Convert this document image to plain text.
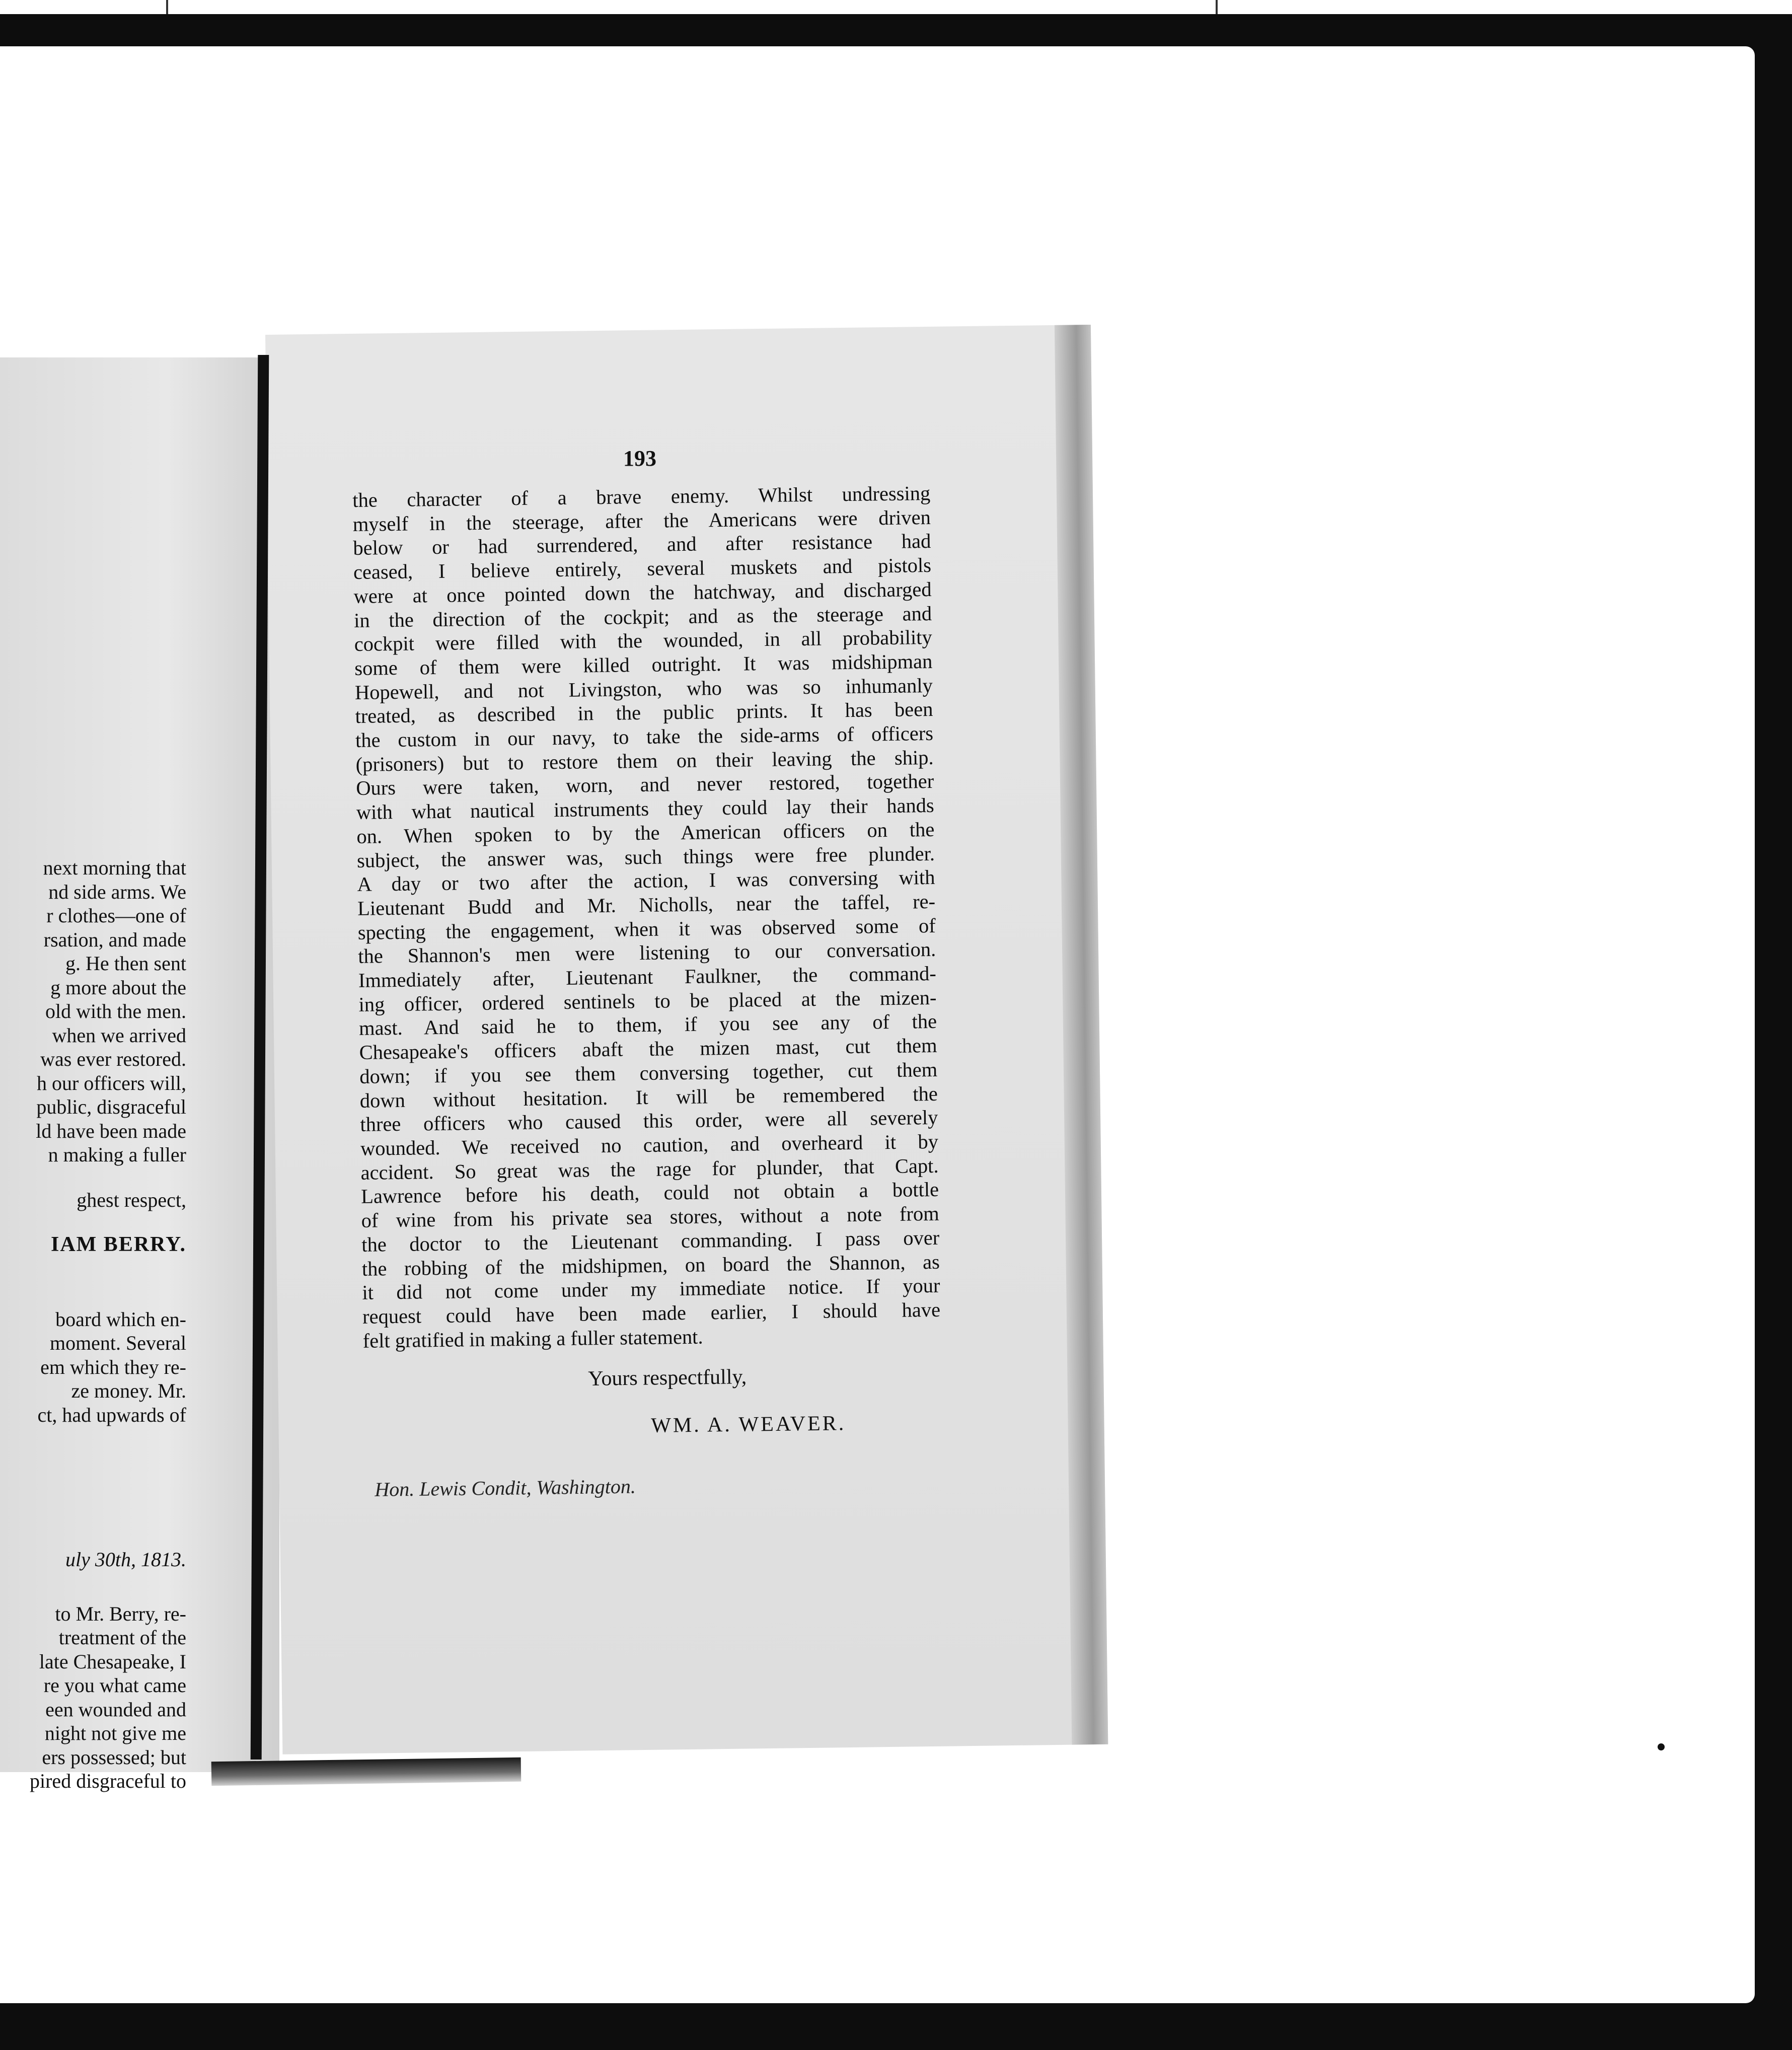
next morning that
nd side arms. We
r clothes—one of
rsation, and made
g. He then sent
g more about the
old with the men.
when we arrived
was ever restored.
h our officers will,
public, disgraceful
ld have been made
n making a fuller
ghest respect,
IAM BERRY.
board which en-
moment. Several
em which they re-
ze money. Mr.
ct, had upwards of
uly 30th, 1813.
to Mr. Berry, re-
treatment of the
late Chesapeake, I
re you what came
een wounded and
night not give me
ers possessed; but
pired disgraceful to
193
the character of a brave enemy. Whilst undressing
myself in the steerage, after the Americans were driven
below or had surrendered, and after resistance had
ceased, I believe entirely, several muskets and pistols
were at once pointed down the hatchway, and discharged
in the direction of the cockpit; and as the steerage and
cockpit were filled with the wounded, in all probability
some of them were killed outright. It was midshipman
Hopewell, and not Livingston, who was so inhumanly
treated, as described in the public prints. It has been
the custom in our navy, to take the side-arms of officers
(prisoners) but to restore them on their leaving the ship.
Ours were taken, worn, and never restored, together
with what nautical instruments they could lay their hands
on. When spoken to by the American officers on the
subject, the answer was, such things were free plunder.
A day or two after the action, I was conversing with
Lieutenant Budd and Mr. Nicholls, near the taffel, re-
specting the engagement, when it was observed some of
the Shannon's men were listening to our conversation.
Immediately after, Lieutenant Faulkner, the command-
ing officer, ordered sentinels to be placed at the mizen-
mast. And said he to them, if you see any of the
Chesapeake's officers abaft the mizen mast, cut them
down; if you see them conversing together, cut them
down without hesitation. It will be remembered the
three officers who caused this order, were all severely
wounded. We received no caution, and overheard it by
accident. So great was the rage for plunder, that Capt.
Lawrence before his death, could not obtain a bottle
of wine from his private sea stores, without a note from
the doctor to the Lieutenant commanding. I pass over
the robbing of the midshipmen, on board the Shannon, as
it did not come under my immediate notice. If your
request could have been made earlier, I should have
felt gratified in making a fuller statement.
Yours respectfully,
WM. A. WEAVER.
Hon. Lewis Condit, Washington.
